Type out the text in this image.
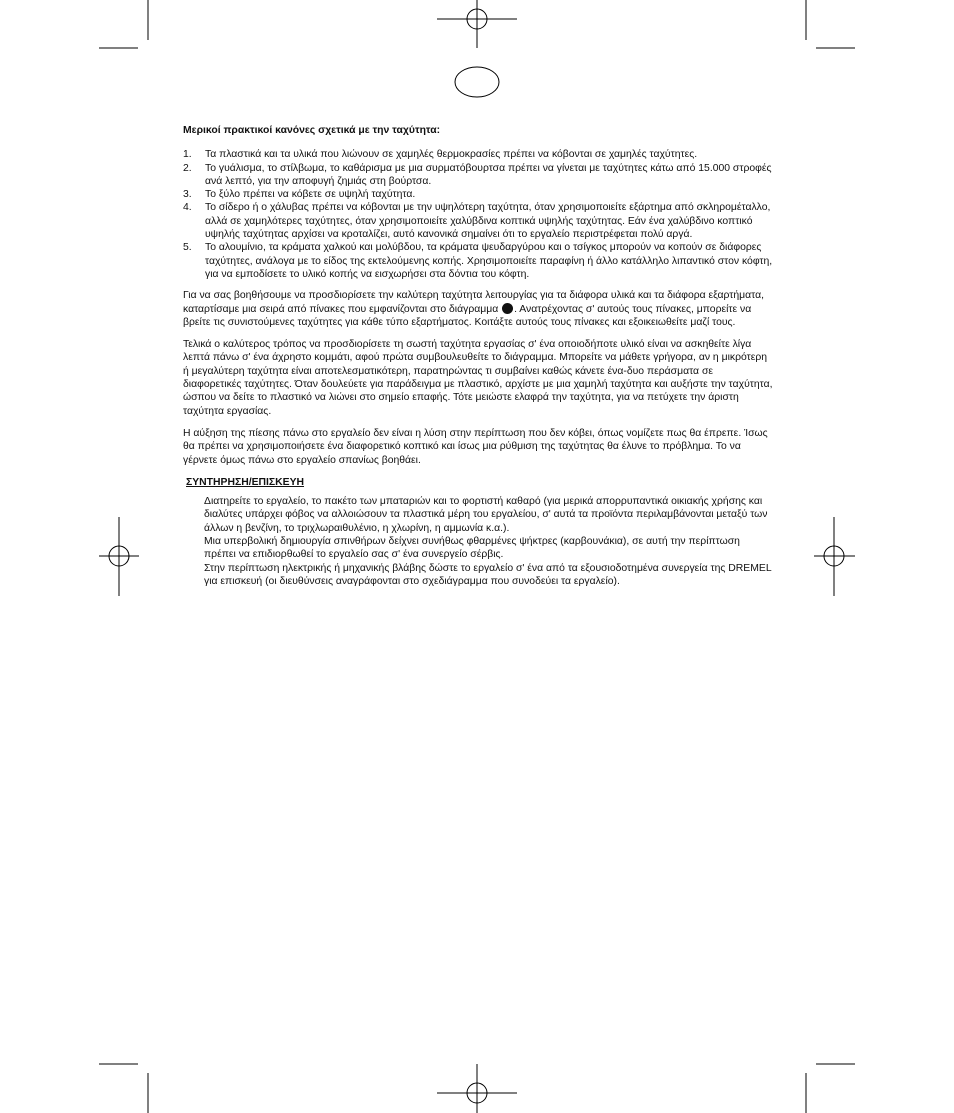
Μερικοί πρακτικοί κανόνες σχετικά με την ταχύτητα:
1.	Τα πλαστικά και τα υλικά που λιώνουν σε χαμηλές θερμοκρασίες πρέπει να κόβονται σε χαμηλές ταχύτητες.
2.	Το γυάλισμα, το στίλβωμα, το καθάρισμα με μια συρματόβουρτσα πρέπει να γίνεται με ταχύτητες κάτω από 15.000 στροφές ανά λεπτό, για την αποφυγή ζημιάς στη βούρτσα.
3.	Το ξύλο πρέπει να κόβετε σε υψηλή ταχύτητα.
4.	Το σίδερο ή ο χάλυβας πρέπει να κόβονται με την υψηλότερη ταχύτητα, όταν χρησιμοποιείτε εξάρτημα από σκληρομέταλλο, αλλά σε χαμηλότερες ταχύτητες, όταν χρησιμοποιείτε χαλύβδινα κοπτικά υψηλής ταχύτητας. Εάν ένα χαλύβδινο κοπτικό υψηλής ταχύτητας αρχίσει να κροταλίζει, αυτό κανονικά σημαίνει ότι το εργαλείο περιστρέφεται πολύ αργά.
5.	Το αλουμίνιο, τα κράματα χαλκού και μολύβδου, τα κράματα ψευδαργύρου και ο τσίγκος μπορούν να κοπούν σε διάφορες ταχύτητες, ανάλογα με το είδος της εκτελούμενης κοπής. Χρησιμοποιείτε παραφίνη ή άλλο κατάλληλο λιπαντικό στον κόφτη, για να εμποδίσετε το υλικό κοπής να εισχωρήσει στα δόντια του κόφτη.

Για να σας βοηθήσουμε να προσδιορίσετε την καλύτερη ταχύτητα λειτουργίας για τα διάφορα υλικά και τα διάφορα εξαρτήματα, καταρτίσαμε μια σειρά από πίνακες που εμφανίζονται στο διάγραμμα . Ανατρέχοντας σ' αυτούς τους πίνακες, μπορείτε να βρείτε τις συνιστούμενες ταχύτητες για κάθε τύπο εξαρτήματος. Κοιτάξτε αυτούς τους πίνακες και εξοικειωθείτε μαζί τους.

Τελικά ο καλύτερος τρόπος να προσδιορίσετε τη σωστή ταχύτητα εργασίας σ' ένα οποιοδήποτε υλικό είναι να ασκηθείτε λίγα λεπτά πάνω σ' ένα άχρηστο κομμάτι, αφού πρώτα συμβουλευθείτε το διάγραμμα. Μπορείτε να μάθετε γρήγορα, αν η μικρότερη ή μεγαλύτερη ταχύτητα είναι αποτελεσματικότερη, παρατηρώντας τι συμβαίνει καθώς κάνετε ένα-δυο περάσματα σε διαφορετικές ταχύτητες. Όταν δουλεύετε για παράδειγμα με πλαστικό, αρχίστε με μια χαμηλή ταχύτητα και αυξήστε την ταχύτητα, ώσπου να δείτε το πλαστικό να λιώνει στο σημείο επαφής. Τότε μειώστε ελαφρά την ταχύτητα, για να πετύχετε την άριστη ταχύτητα εργασίας.

Η αύξηση της πίεσης πάνω στο εργαλείο δεν είναι η λύση στην περίπτωση που δεν κόβει, όπως νομίζετε πως θα έπρεπε. Ίσως θα πρέπει να χρησιμοποιήσετε ένα διαφορετικό κοπτικό και ίσως μια ρύθμιση της ταχύτητας θα έλυνε το πρόβλημα. Το να γέρνετε όμως πάνω στο εργαλείο σπανίως βοηθάει.

ΣΥΝΤΗΡΗΣΗ/ΕΠΙΣΚΕΥΗ
Διατηρείτε το εργαλείο, το πακέτο των μπαταριών και το φορτιστή καθαρό (για μερικά απορρυπαντικά οικιακής χρήσης και διαλύτες υπάρχει φόβος να αλλοιώσουν τα πλαστικά μέρη του εργαλείου, σ' αυτά τα προϊόντα περιλαμβάνονται μεταξύ των άλλων η βενζίνη, το τριχλωραιθυλένιο, η χλωρίνη, η αμμωνία κ.α.).
Μια υπερβολική δημιουργία σπινθήρων δείχνει συνήθως φθαρμένες ψήκτρες (καρβουνάκια), σε αυτή την περίπτωση πρέπει να επιδιορθωθεί το εργαλείο σας σ' ένα συνεργείο σέρβις.
Στην περίπτωση ηλεκτρικής ή μηχανικής βλάβης δώστε το εργαλείο σ' ένα από τα εξουσιοδοτημένα συνεργεία της DREMEL για επισκευή (οι διευθύνσεις αναγράφονται στο σχεδιάγραμμα που συνοδεύει τα εργαλείο).
